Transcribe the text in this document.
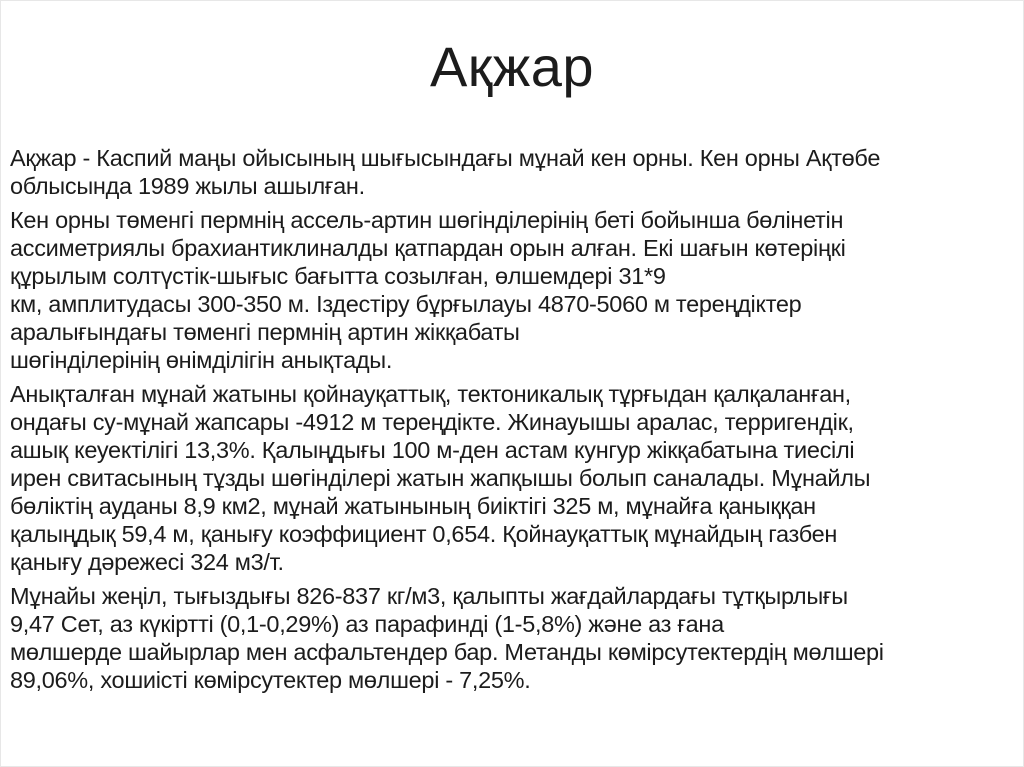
Ақжар
Ақжар - Каспий маңы ойысының шығысындағы мұнай кен орны. Кен орны Ақтөбе
облысында 1989 жылы ашылған.
Кен орны төменгі пермнің ассель-артин шөгінділерінің беті бойынша бөлінетін
ассиметриялы брахиантиклиналды қатпардан орын алған. Екі шағын көтеріңкі
құрылым солтүстік-шығыс бағытта созылған, өлшемдері 31*9
км, амплитудасы 300-350 м. Іздестіру бұрғылауы 4870-5060 м тереңдіктер
аралығындағы төменгі пермнің артин жікқабаты
шөгінділерінің өнімділігін анықтады.
Анықталған мұнай жатыны қойнауқаттық, тектоникалық тұрғыдан қалқаланған,
ондағы су-мұнай жапсары -4912 м тереңдікте. Жинауышы аралас, терригендік,
ашық кеуектілігі 13,3%. Қалыңдығы 100 м-ден астам кунгур жікқабатына тиесілі
ирен свитасының тұзды шөгінділері жатын жапқышы болып саналады. Мұнайлы
бөліктің ауданы 8,9 км2, мұнай жатынының биіктігі 325 м, мұнайға қаныққан
қалыңдық 59,4 м, қанығу коэффициент 0,654. Қойнауқаттық мұнайдың газбен
қанығу дәрежесі 324 м3/т.
Мұнайы жеңіл, тығыздығы 826-837 кг/м3, қалыпты жағдайлардағы тұтқырлығы
9,47 Сет, аз күкіртті (0,1-0,29%) аз парафинді (1-5,8%) және аз ғана
мөлшерде шайырлар мен асфальтендер бар. Метанды көмірсутектердің мөлшері
89,06%, хошиісті көмірсутектер мөлшері - 7,25%.
